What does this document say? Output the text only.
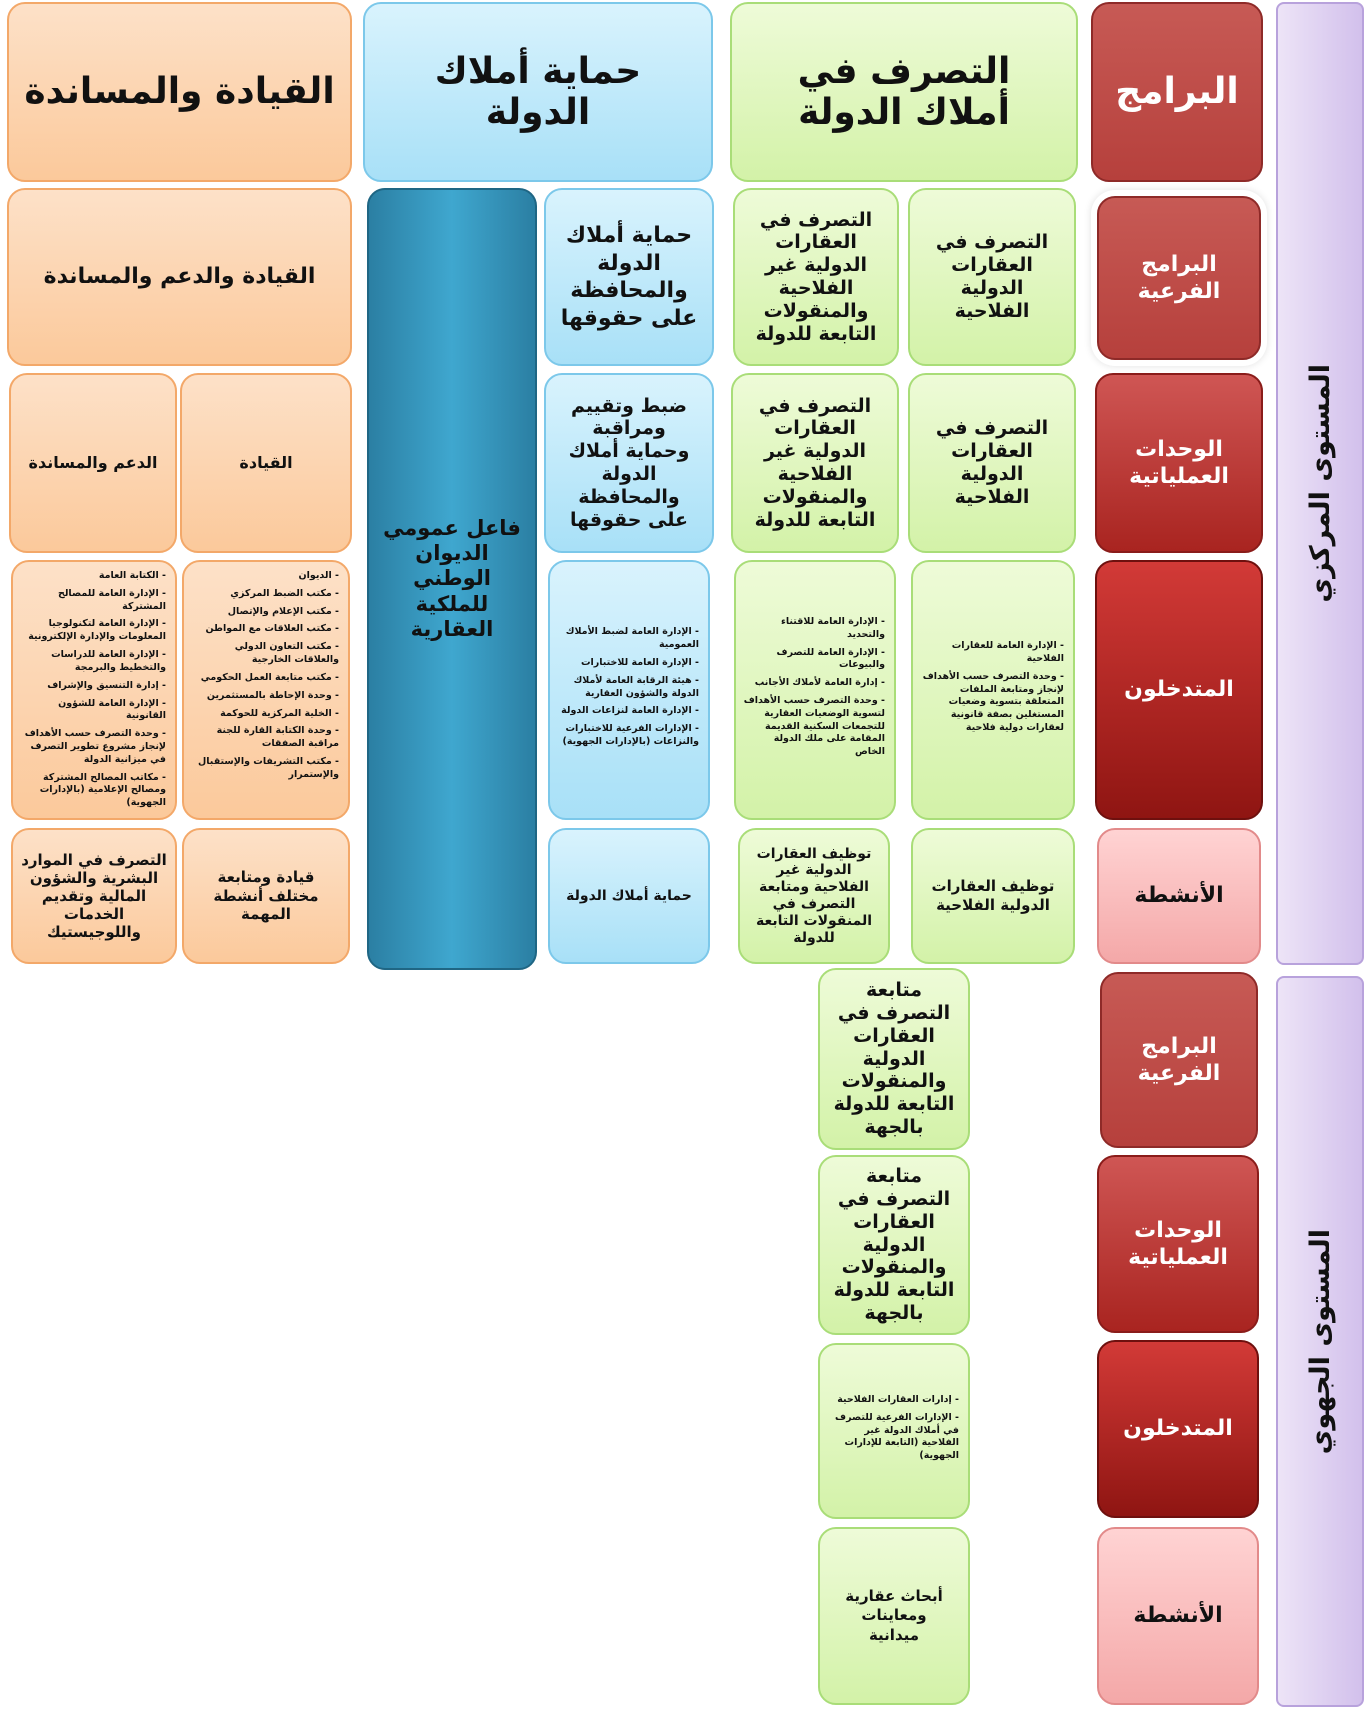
المستوى المركزي
المستوى الجهوي
البرامج
التصرف في أملاك الدولة
حماية أملاك الدولة
القيادة والمساندة
البرامج الفرعية
الوحدات العملياتية
المتدخلون
الأنشطة
التصرف في العقارات الدولية الفلاحية
التصرف في العقارات الدولية غير الفلاحية والمنقولات التابعة للدولة
حماية أملاك الدولة والمحافظة على حقوقها
القيادة والدعم والمساندة
فاعل عمومي الديوان الوطني للملكية العقارية
التصرف في العقارات الدولية الفلاحية
التصرف في العقارات الدولية غير الفلاحية والمنقولات التابعة للدولة
ضبط وتقييم ومراقبة وحماية أملاك الدولة والمحافظة على حقوقها
القيادة
الدعم والمساندة
- الإدارة العامة للعقارات الفلاحية
- وحدة التصرف حسب الأهداف لإنجاز ومتابعة الملفات المتعلقة بتسوية وضعيات المستغلين بصفة قانونية لعقارات دولية فلاحية
- الإدارة العامة للاقتناء والتحديد
- الإدارة العامة للتصرف والبيوعات
- إدارة العامة لأملاك الأجانب
- وحدة التصرف حسب الأهداف لتسوية الوضعيات العقارية للتجمعات السكنية القديمة المقامة على ملك الدولة الخاص
- الإدارة العامة لضبط الأملاك العمومية
- الإدارة العامة للاختبارات
- هيئة الرقابة العامة لأملاك الدولة والشؤون العقارية
- الإدارة العامة لنزاعات الدولة
- الإدارات الفرعية للاختبارات والنزاعات (بالإدارات الجهوية)
- الديوان
- مكتب الضبط المركزي
- مكتب الإعلام والإتصال
- مكتب العلاقات مع المواطن
- مكتب التعاون الدولي والعلاقات الخارجية
- مكتب متابعة العمل الحكومي
- وحدة الإحاطة بالمستثمرين
- الخلية المركزية للحوكمة
- وحدة الكتابة القارة للجنة مراقبة الصفقات
- مكتب التشريفات والإستقبال والإستمرار
- الكتابة العامة
- الإدارة العامة للمصالح المشتركة
- الإدارة العامة لتكنولوجيا المعلومات والإدارة الإلكترونية
- الإدارة العامة للدراسات والتخطيط والبرمجة
- إدارة التنسيق والإشراف
- الإدارة العامة للشؤون القانونية
- وحدة التصرف حسب الأهداف لإنجاز مشروع تطوير التصرف في ميزانية الدولة
- مكاتب المصالح المشتركة ومصالح الإعلامية (بالإدارات الجهوية)
توظيف العقارات الدولية الفلاحية
توظيف العقارات الدولية غير الفلاحية ومتابعة التصرف في المنقولات التابعة للدولة
حماية أملاك الدولة
قيادة ومتابعة مختلف أنشطة المهمة
التصرف في الموارد البشرية والشؤون المالية وتقديم الخدمات واللوجيستيك
البرامج الفرعية
الوحدات العملياتية
المتدخلون
الأنشطة
متابعة التصرف في العقارات الدولية والمنقولات التابعة للدولة بالجهة
متابعة التصرف في العقارات الدولية والمنقولات التابعة للدولة بالجهة
- إدارات العقارات الفلاحية
- الإدارات الفرعية للتصرف في أملاك الدولة غير الفلاحية (التابعة للإدارات الجهوية)
أبحاث عقارية ومعاينات ميدانية
